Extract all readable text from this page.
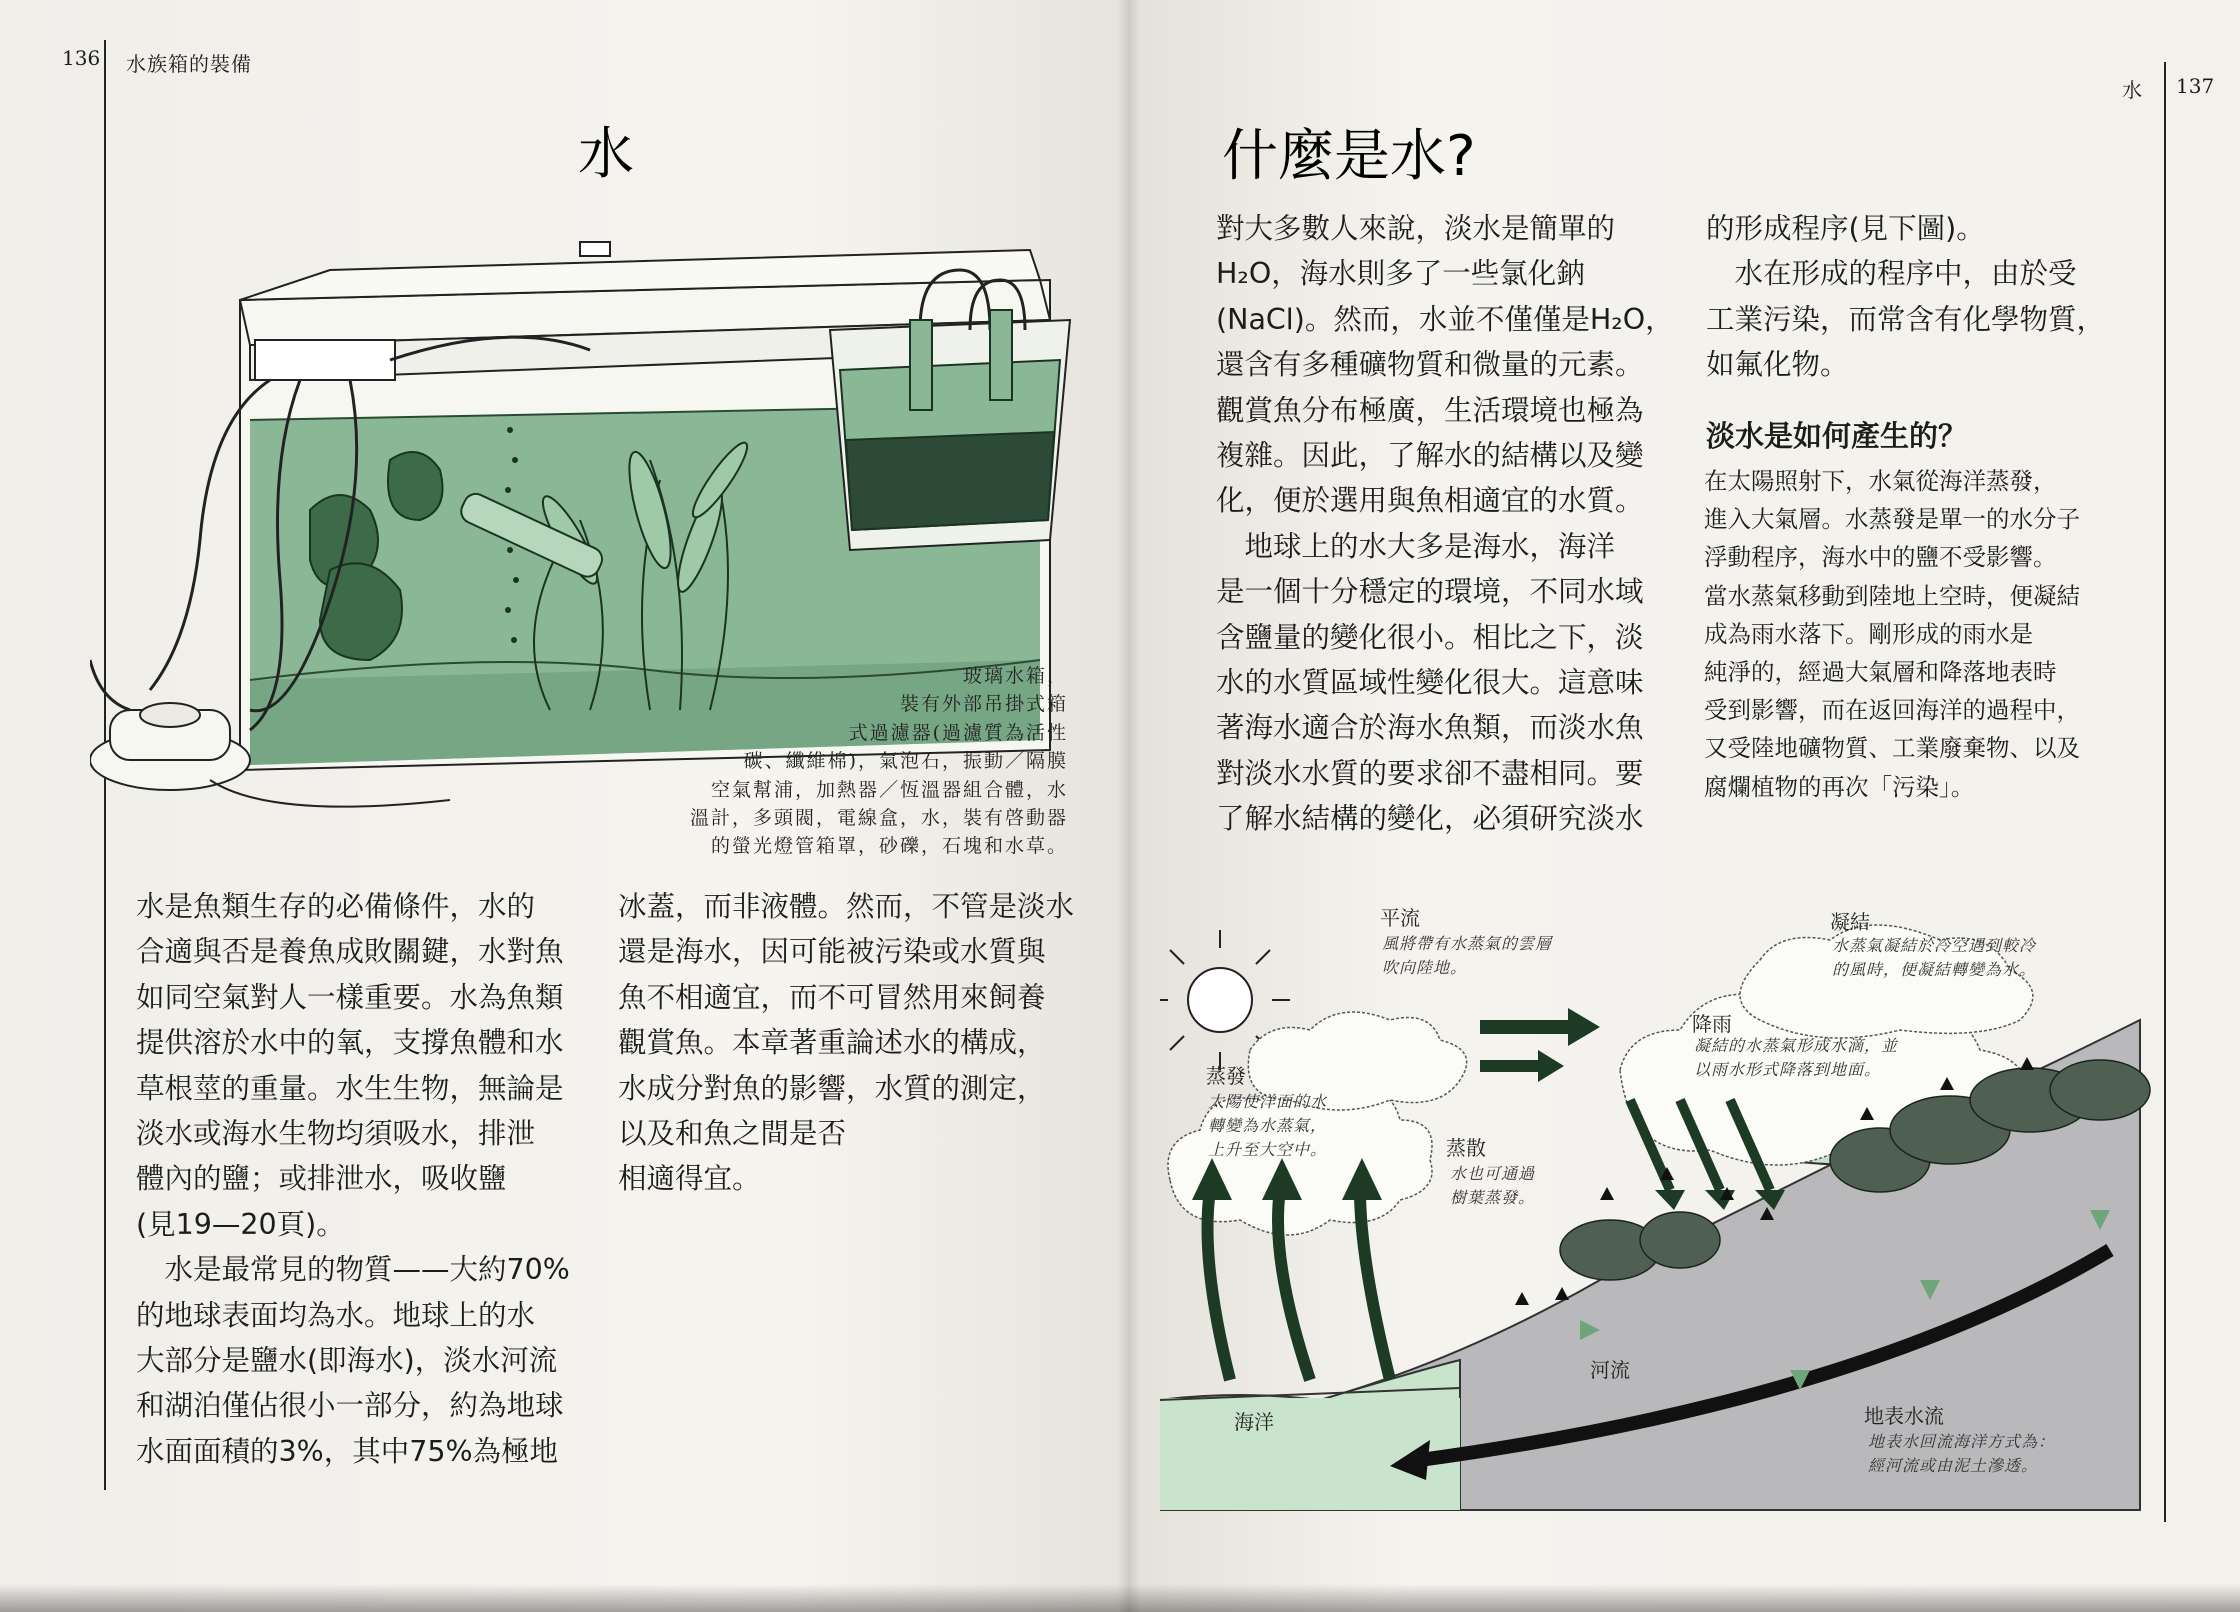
136 水族箱的裝備
水
玻璃水箱，
裝有外部吊掛式箱
式過濾器(過濾質為活性
碳、纖維棉)，氣泡石，振動／隔膜
空氣幫浦，加熱器／恆溫器組合體，水
溫計，多頭閥，電線盒，水，裝有啓動器
的螢光燈管箱罩，砂礫，石塊和水草。
水是魚類生存的必備條件，水的
合適與否是養魚成敗關鍵，水對魚
如同空氣對人一樣重要。水為魚類
提供溶於水中的氧，支撐魚體和水
草根莖的重量。水生生物，無論是
淡水或海水生物均須吸水，排泄
體內的鹽；或排泄水，吸收鹽
(見19—20頁)。
　水是最常見的物質——大約70%
的地球表面均為水。地球上的水
大部分是鹽水(即海水)，淡水河流
和湖泊僅佔很小一部分，約為地球
水面面積的3%，其中75%為極地
冰蓋，而非液體。然而，不管是淡水
還是海水，因可能被污染或水質與
魚不相適宜，而不可冒然用來飼養
觀賞魚。本章著重論述水的構成，
水成分對魚的影響，水質的測定，
以及和魚之間是否
相適得宜。
水 137
什麼是水?
對大多數人來說，淡水是簡單的
H₂O，海水則多了一些氯化鈉
(NaCl)。然而，水並不僅僅是H₂O，
還含有多種礦物質和微量的元素。
觀賞魚分布極廣，生活環境也極為
複雜。因此，了解水的結構以及變
化，便於選用與魚相適宜的水質。
　地球上的水大多是海水，海洋
是一個十分穩定的環境，不同水域
含鹽量的變化很小。相比之下，淡
水的水質區域性變化很大。這意味
著海水適合於海水魚類，而淡水魚
對淡水水質的要求卻不盡相同。要
了解水結構的變化，必須研究淡水
的形成程序(見下圖)。
　水在形成的程序中，由於受
工業污染，而常含有化學物質，
如氟化物。
淡水是如何產生的？
在太陽照射下，水氣從海洋蒸發，
進入大氣層。水蒸發是單一的水分子
浮動程序，海水中的鹽不受影響。
當水蒸氣移動到陸地上空時，便凝結
成為雨水落下。剛形成的雨水是
純淨的，經過大氣層和降落地表時
受到影響，而在返回海洋的過程中，
又受陸地礦物質、工業廢棄物、以及
腐爛植物的再次「污染」。
平流
風將帶有水蒸氣的雲層
吹向陸地。
凝結
水蒸氣凝結於冷空遇到較冷
的風時，便凝結轉變為水。
降雨
凝結的水蒸氣形成水滴，並
以雨水形式降落到地面。
蒸發
太陽使洋面的水
轉變為水蒸氣，
上升至大空中。	蒸散
水也可通過
樹葉蒸發。
河流
海洋	地表水流
地表水回流海洋方式為：
經河流或由泥土滲透。
